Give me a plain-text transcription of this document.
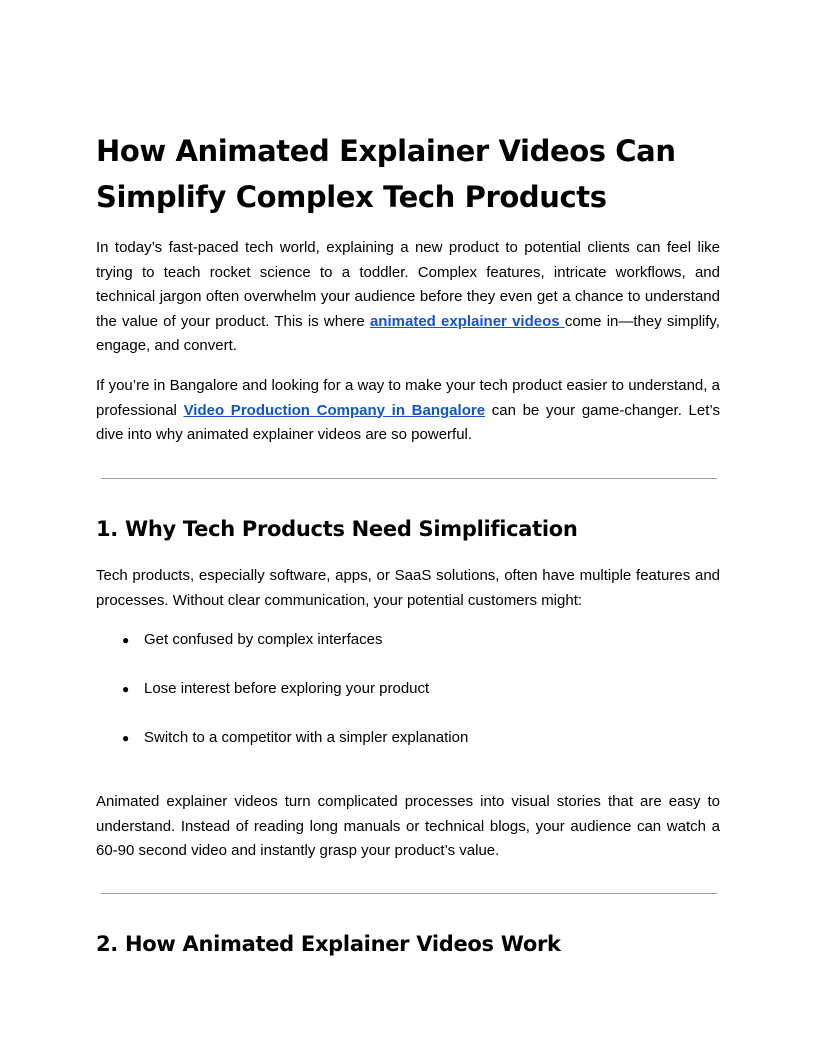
How Animated Explainer Videos Can Simplify Complex Tech Products

In today’s fast-paced tech world, explaining a new product to potential clients can feel like trying to teach rocket science to a toddler. Complex features, intricate workflows, and technical jargon often overwhelm your audience before they even get a chance to understand the value of your product. This is where animated explainer videos come in—they simplify, engage, and convert.

If you’re in Bangalore and looking for a way to make your tech product easier to understand, a professional Video Production Company in Bangalore can be your game-changer. Let’s dive into why animated explainer videos are so powerful.

1. Why Tech Products Need Simplification

Tech products, especially software, apps, or SaaS solutions, often have multiple features and processes. Without clear communication, your potential customers might:

● Get confused by complex interfaces
● Lose interest before exploring your product
● Switch to a competitor with a simpler explanation

Animated explainer videos turn complicated processes into visual stories that are easy to understand. Instead of reading long manuals or technical blogs, your audience can watch a 60-90 second video and instantly grasp your product’s value.

2. How Animated Explainer Videos Work
